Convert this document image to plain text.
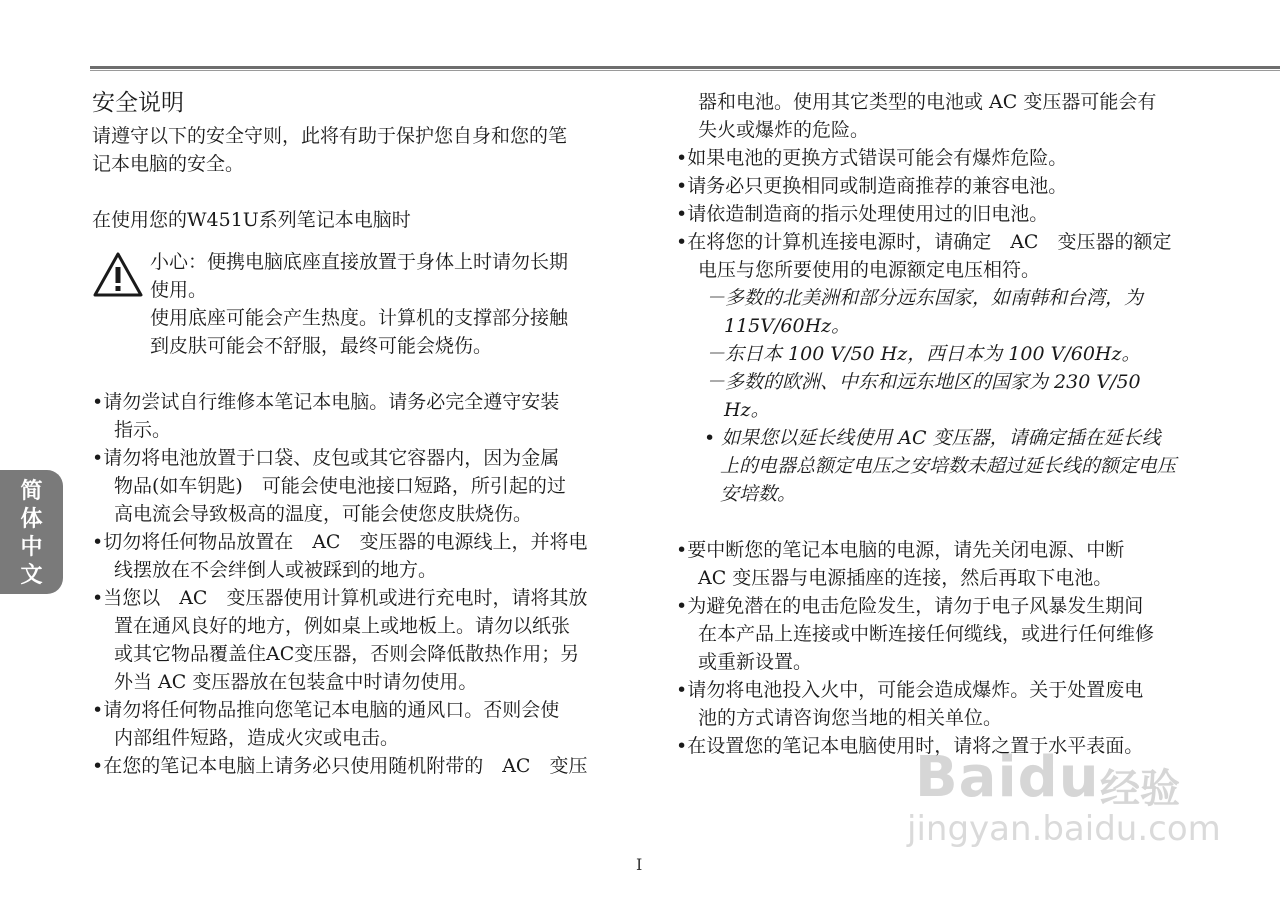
安全说明

请遵守以下的安全守则，此将有助于保护您自身和您的笔

记本电脑的安全。

在使用您的W451U系列笔记本电脑时

小心：便携电脑底座直接放置于身体上时请勿长期

使用。

使用底座可能会产生热度。计算机的支撑部分接触

到皮肤可能会不舒服，最终可能会烧伤。

•请勿尝试自行维修本笔记本电脑。请务必完全遵守安装

指示。

•请勿将电池放置于口袋、皮包或其它容器内，因为金属

物品(如车钥匙)　可能会使电池接口短路，所引起的过

高电流会导致极高的温度，可能会使您皮肤烧伤。

•切勿将任何物品放置在　AC　变压器的电源线上，并将电

线摆放在不会绊倒人或被踩到的地方。

•当您以　AC　变压器使用计算机或进行充电时，请将其放

置在通风良好的地方，例如桌上或地板上。请勿以纸张

或其它物品覆盖住AC变压器，否则会降低散热作用；另

外当 AC 变压器放在包装盒中时请勿使用。

•请勿将任何物品推向您笔记本电脑的通风口。否则会使

内部组件短路，造成火灾或电击。

•在您的笔记本电脑上请务必只使用随机附带的　AC　变压

器和电池。使用其它类型的电池或 AC 变压器可能会有

失火或爆炸的危险。

•如果电池的更换方式错误可能会有爆炸危险。

•请务必只更换相同或制造商推荐的兼容电池。

•请依造制造商的指示处理使用过的旧电池。

•在将您的计算机连接电源时，请确定　AC　变压器的额定

电压与您所要使用的电源额定电压相符。

－多数的北美洲和部分远东国家，如南韩和台湾，为

115V/60Hz。

－东日本 100 V/50 Hz，西日本为 100 V/60Hz。

－多数的欧洲、中东和远东地区的国家为 230 V/50

Hz。

• 如果您以延长线使用 AC 变压器，请确定插在延长线

上的电器总额定电压之安培数未超过延长线的额定电压

安培数。

•要中断您的笔记本电脑的电源，请先关闭电源、中断

AC 变压器与电源插座的连接，然后再取下电池。

•为避免潜在的电击危险发生，请勿于电子风暴发生期间

在本产品上连接或中断连接任何缆线，或进行任何维修

或重新设置。

•请勿将电池投入火中，可能会造成爆炸。关于处置废电

池的方式请咨询您当地的相关单位。

•在设置您的笔记本电脑使用时，请将之置于水平表面。

简
体
中
文
I
Baidu 经验
jingyan.baidu.com
